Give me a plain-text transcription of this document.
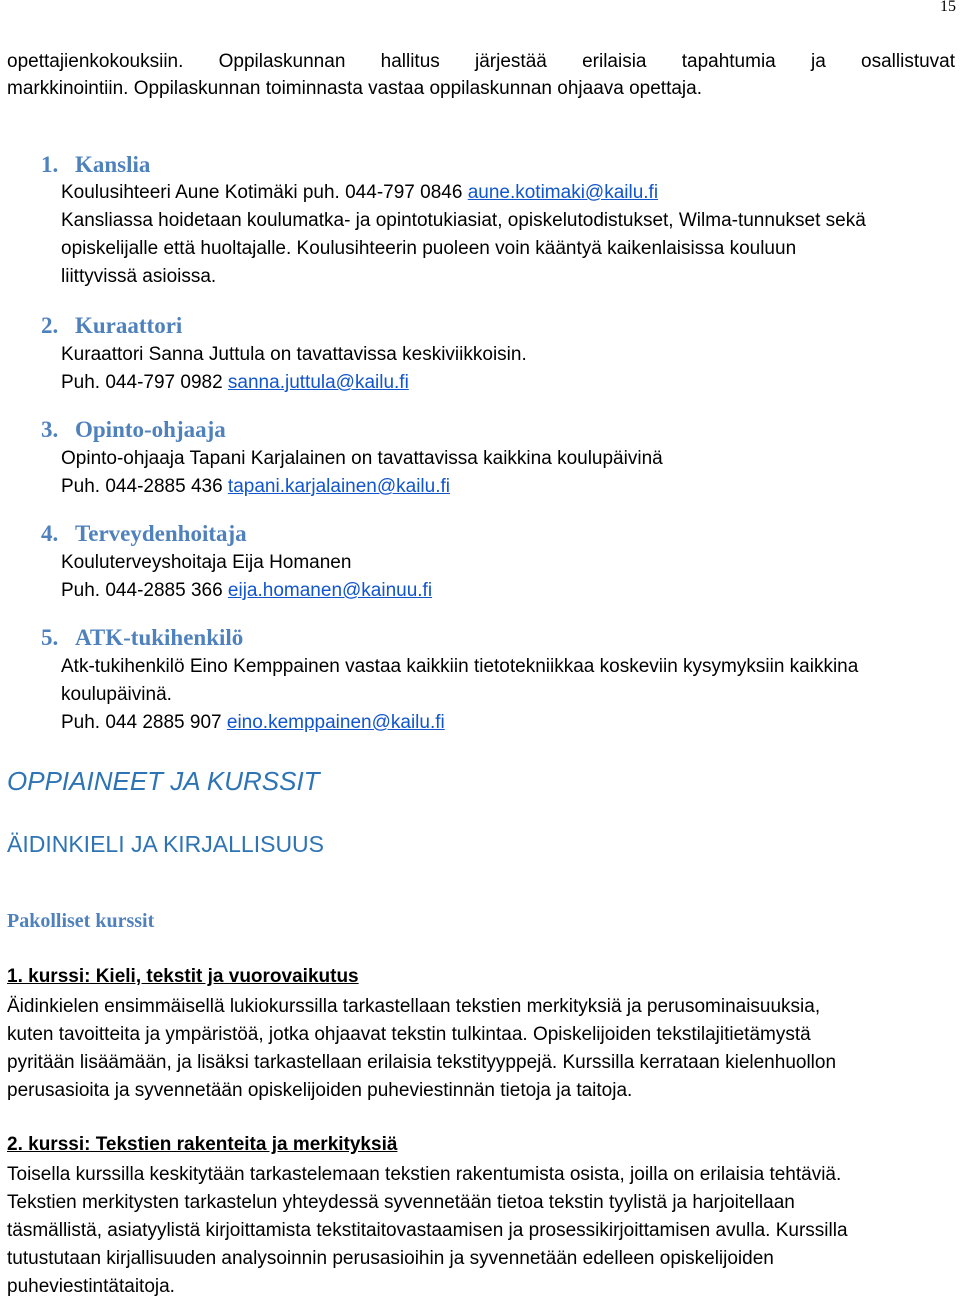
15
opettajienkokouksiin. Oppilaskunnan hallitus järjestää erilaisia tapahtumia ja osallistuvat
markkinointiin. Oppilaskunnan toiminnasta vastaa oppilaskunnan ohjaava opettaja.
1. Kanslia
Koulusihteeri Aune Kotimäki puh. 044-797 0846 aune.kotimaki@kailu.fi
Kansliassa hoidetaan koulumatka- ja opintotukiasiat, opiskelutodistukset, Wilma-tunnukset sekä
opiskelijalle että huoltajalle. Koulusihteerin puoleen voin kääntyä kaikenlaisissa kouluun
liittyvissä asioissa.
2. Kuraattori
Kuraattori Sanna Juttula on tavattavissa keskiviikkoisin.
Puh. 044-797 0982 sanna.juttula@kailu.fi
3. Opinto-ohjaaja
Opinto-ohjaaja Tapani Karjalainen on tavattavissa kaikkina koulupäivinä
Puh. 044-2885 436 tapani.karjalainen@kailu.fi
4. Terveydenhoitaja
Kouluterveyshoitaja Eija Homanen
Puh. 044-2885 366 eija.homanen@kainuu.fi
5. ATK-tukihenkilö
Atk-tukihenkilö Eino Kemppainen vastaa kaikkiin tietotekniikkaa koskeviin kysymyksiin kaikkina
koulupäivinä.
Puh. 044 2885 907 eino.kemppainen@kailu.fi
OPPIAINEET JA KURSSIT
ÄIDINKIELI JA KIRJALLISUUS
Pakolliset kurssit
1. kurssi: Kieli, tekstit ja vuorovaikutus
Äidinkielen ensimmäisellä lukiokurssilla tarkastellaan tekstien merkityksiä ja perusominaisuuksia,
kuten tavoitteita ja ympäristöä, jotka ohjaavat tekstin tulkintaa. Opiskelijoiden tekstilajitietämystä
pyritään lisäämään, ja lisäksi tarkastellaan erilaisia tekstityyppejä. Kurssilla kerrataan kielenhuollon
perusasioita ja syvennetään opiskelijoiden puheviestinnän tietoja ja taitoja.
2. kurssi: Tekstien rakenteita ja merkityksiä
Toisella kurssilla keskitytään tarkastelemaan tekstien rakentumista osista, joilla on erilaisia tehtäviä.
Tekstien merkitysten tarkastelun yhteydessä syvennetään tietoa tekstin tyylistä ja harjoitellaan
täsmällistä, asiatyylistä kirjoittamista tekstitaitovastaamisen ja prosessikirjoittamisen avulla. Kurssilla
tutustutaan kirjallisuuden analysoinnin perusasioihin ja syvennetään edelleen opiskelijoiden
puheviestintätaitoja.
